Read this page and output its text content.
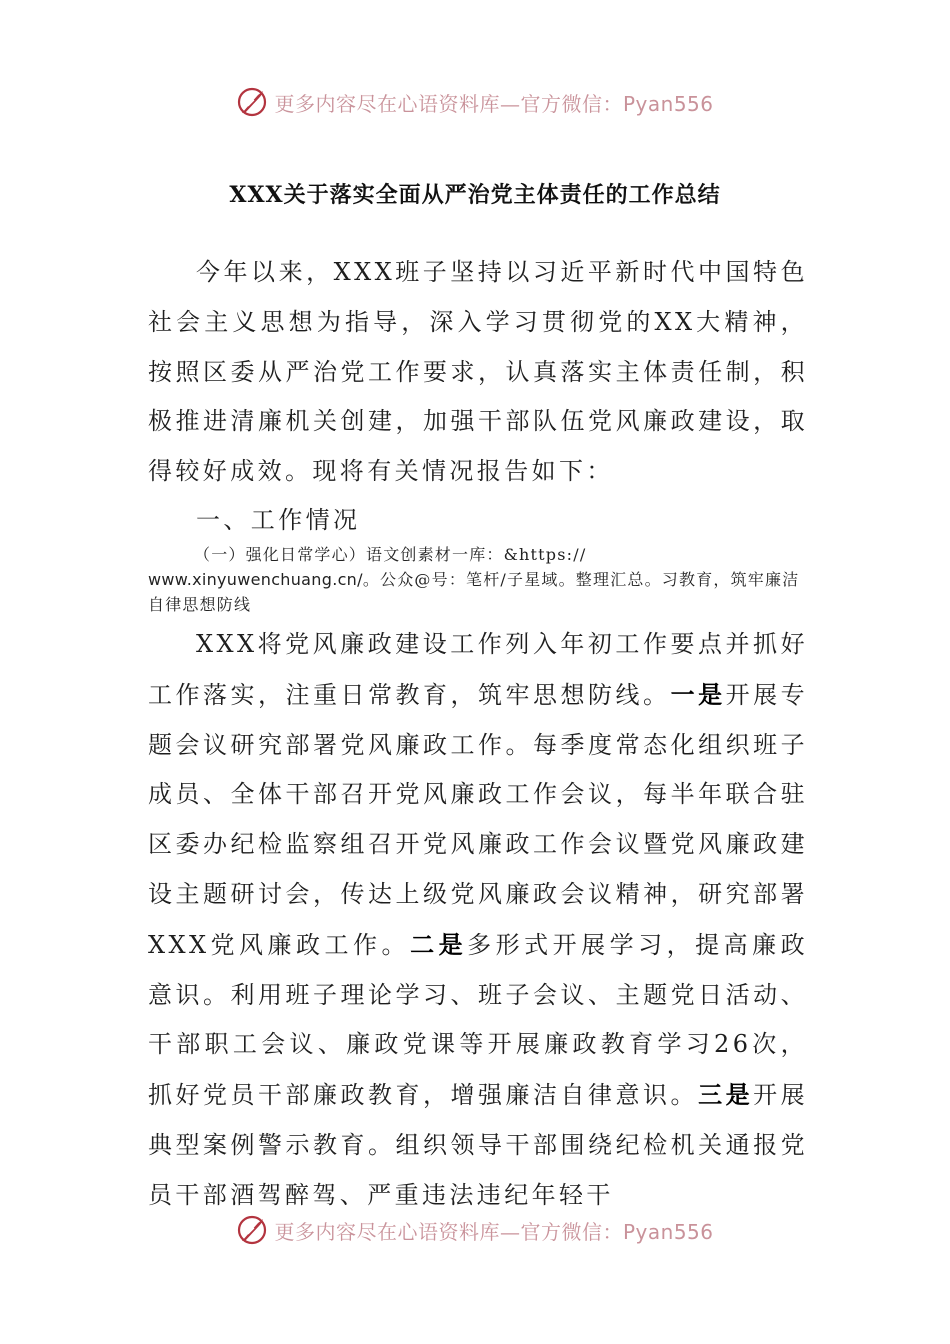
更多内容尽在心语资料库—官方微信：Pyan556
XXX关于落实全面从严治党主体责任的工作总结

今年以来，XXX班子坚持以习近平新时代中国特色社会主义思想为指导，深入学习贯彻党的XX大精神，按照区委从严治党工作要求，认真落实主体责任制，积极推进清廉机关创建，加强干部队伍党风廉政建设，取得较好成效。现将有关情况报告如下：

一、工作情况

（一）强化日常学心）语文创素材一库：&https://
www.xinyuwenchuang.cn/。公众@号：笔杆/子星域。整理汇总。习教育，筑牢廉洁自律思想防线

XXX将党风廉政建设工作列入年初工作要点并抓好工作落实，注重日常教育，筑牢思想防线。一是开展专题会议研究部署党风廉政工作。每季度常态化组织班子成员、全体干部召开党风廉政工作会议，每半年联合驻区委办纪检监察组召开党风廉政工作会议暨党风廉政建设主题研讨会，传达上级党风廉政会议精神，研究部署XXX党风廉政工作。二是多形式开展学习，提高廉政意识。利用班子理论学习、班子会议、主题党日活动、干部职工会议、廉政党课等开展廉政教育学习26次，抓好党员干部廉政教育，增强廉洁自律意识。三是开展典型案例警示教育。组织领导干部围绕纪检机关通报党员干部酒驾醉驾、严重违法违纪年轻干

更多内容尽在心语资料库—官方微信：Pyan556
